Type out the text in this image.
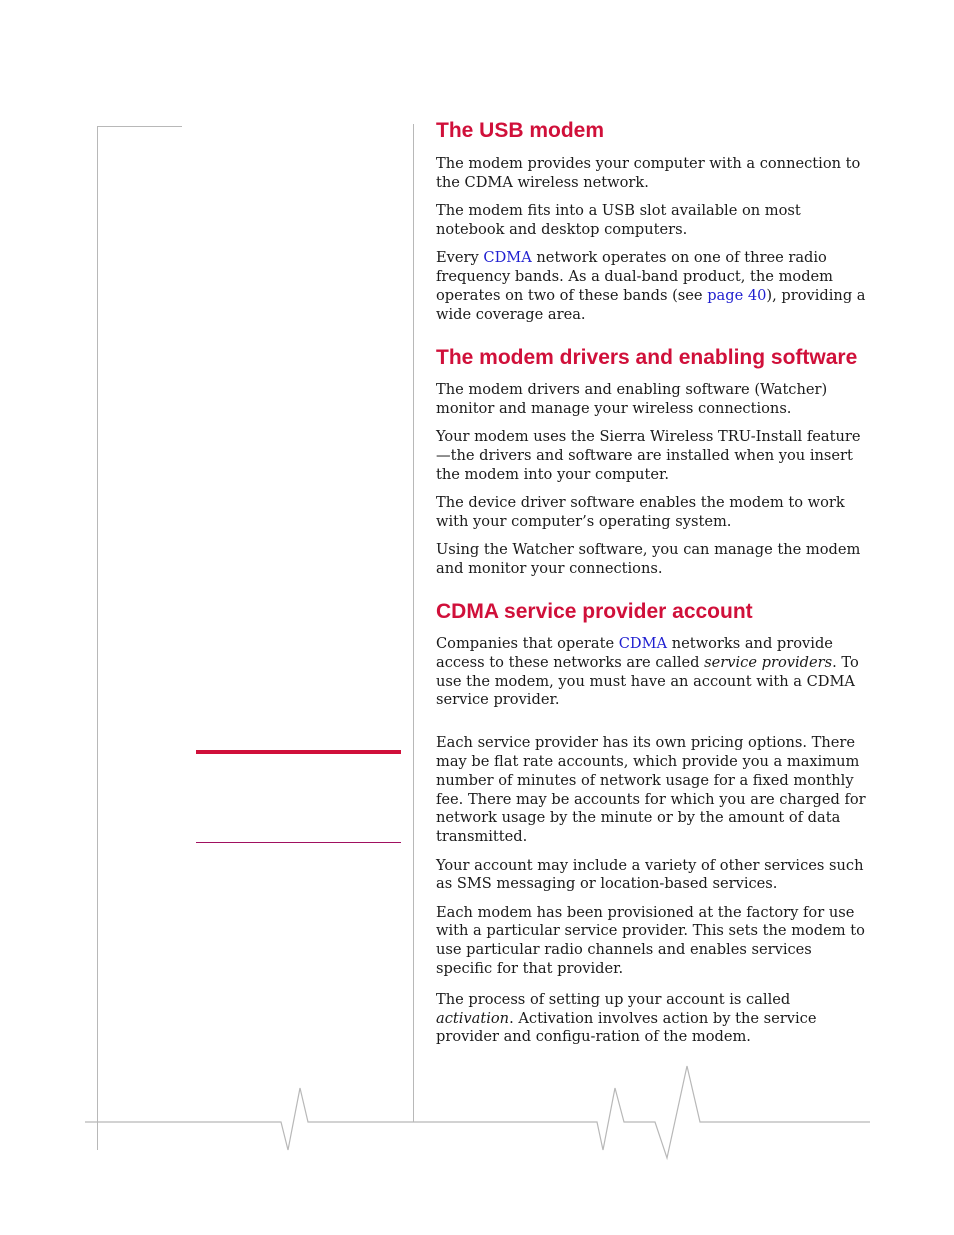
The USB modem

The modem provides your computer with a connection to the CDMA wireless network.

The modem fits into a USB slot available on most notebook and desktop computers.

Every CDMA network operates on one of three radio frequency bands. As a dual-band product, the modem operates on two of these bands (see page 40), providing a wide coverage area.

The modem drivers and enabling software

The modem drivers and enabling software (Watcher) monitor and manage your wireless connections.

Your modem uses the Sierra Wireless TRU-Install feature—the drivers and software are installed when you insert the modem into your computer.

The device driver software enables the modem to work with your computer’s operating system.

Using the Watcher software, you can manage the modem and monitor your connections.

CDMA service provider account

Companies that operate CDMA networks and provide access to these networks are called service providers. To use the modem, you must have an account with a CDMA service provider.

Each service provider has its own pricing options. There may be flat rate accounts, which provide you a maximum number of minutes of network usage for a fixed monthly fee. There may be accounts for which you are charged for network usage by the minute or by the amount of data transmitted.

Your account may include a variety of other services such as SMS messaging or location-based services.

Each modem has been provisioned at the factory for use with a particular service provider. This sets the modem to use particular radio channels and enables services specific for that provider.

The process of setting up your account is called activation. Activation involves action by the service provider and configu-ration of the modem.
